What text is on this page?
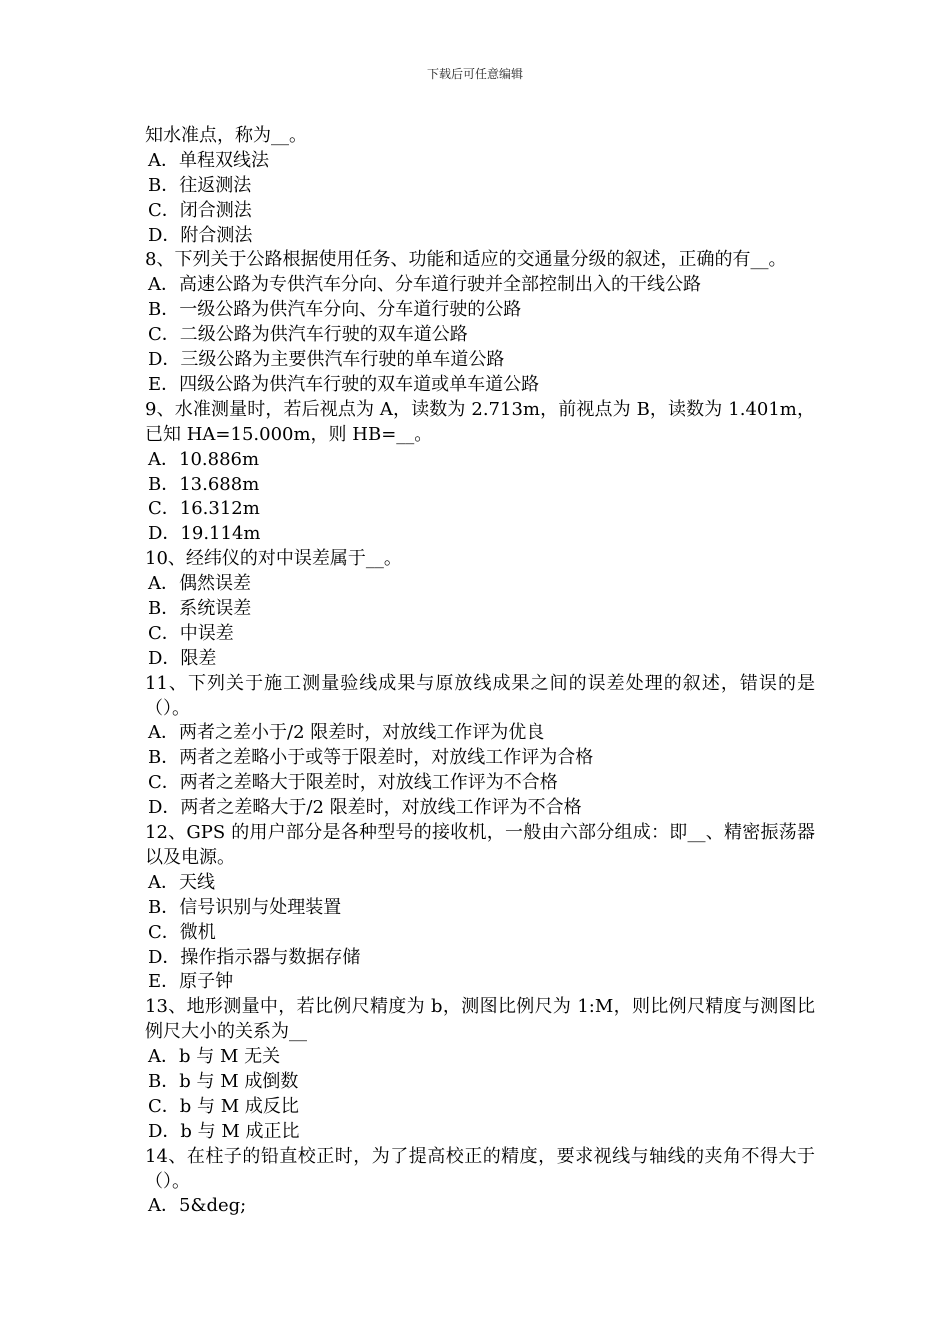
下载后可任意编辑
知水准点，称为__。
A．单程双线法
B．往返测法
C．闭合测法
D．附合测法
8、下列关于公路根据使用任务、功能和适应的交通量分级的叙述，正确的有__。
A．高速公路为专供汽车分向、分车道行驶并全部控制出入的干线公路
B．一级公路为供汽车分向、分车道行驶的公路
C．二级公路为供汽车行驶的双车道公路
D．三级公路为主要供汽车行驶的单车道公路
E．四级公路为供汽车行驶的双车道或单车道公路
9、水准测量时，若后视点为 A，读数为 2.713m，前视点为 B，读数为 1.401m，已知 HA=15.000m，则 HB=__。
A．10.886m
B．13.688m
C．16.312m
D．19.114m
10、经纬仪的对中误差属于__。
A．偶然误差
B．系统误差
C．中误差
D．限差
11、下列关于施工测量验线成果与原放线成果之间的误差处理的叙述，错误的是（）。
A．两者之差小于/2 限差时，对放线工作评为优良
B．两者之差略小于或等于限差时，对放线工作评为合格
C．两者之差略大于限差时，对放线工作评为不合格
D．两者之差略大于/2 限差时，对放线工作评为不合格
12、GPS 的用户部分是各种型号的接收机，一般由六部分组成：即__、精密振荡器以及电源。
A．天线
B．信号识别与处理装置
C．微机
D．操作指示器与数据存储
E．原子钟
13、地形测量中，若比例尺精度为 b，测图比例尺为 1:M，则比例尺精度与测图比例尺大小的关系为__
A．b 与 M 无关
B．b 与 M 成倒数
C．b 与 M 成反比
D．b 与 M 成正比
14、在柱子的铅直校正时，为了提高校正的精度，要求视线与轴线的夹角不得大于（）。
A．5&deg;
